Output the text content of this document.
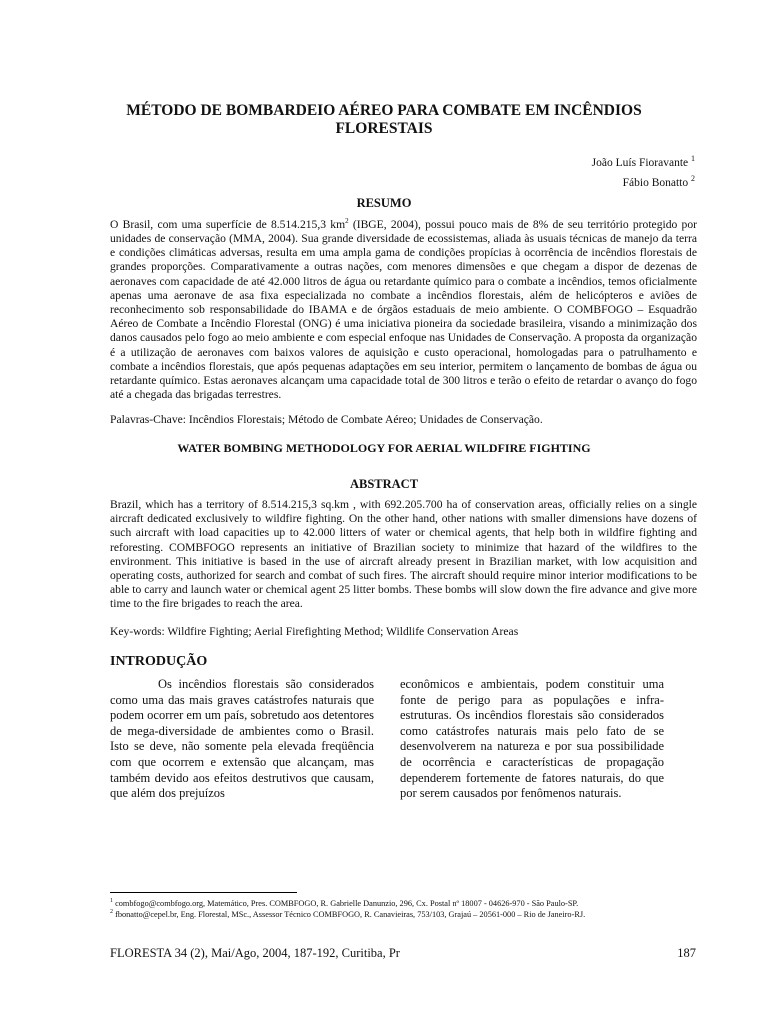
MÉTODO DE BOMBARDEIO AÉREO PARA COMBATE EM INCÊNDIOS
FLORESTAIS
João Luís Fioravante $^1$
Fábio Bonatto $^2$
RESUMO
O Brasil, com uma superfície de 8.514.215,3 $km^2$ (IBGE, 2004), possui pouco mais de 8% de seu território protegido por unidades de conservação (MMA, 2004). Sua grande diversidade de ecossistemas, aliada às usuais técnicas de manejo da terra e condições climáticas adversas, resulta em uma ampla gama de condições propícias à ocorrência de incêndios florestais de grandes proporções. Comparativamente a outras nações, com menores dimensões e que chegam a dispor de dezenas de aeronaves com capacidade de até 42.000 litros de água ou retardante químico para o combate a incêndios, temos oficialmente apenas uma aeronave de asa fixa especializada no combate a incêndios florestais, além de helicópteros e aviões de reconhecimento sob responsabilidade do IBAMA e de órgãos estaduais de meio ambiente. O COMBFOGO – Esquadrão Aéreo de Combate a Incêndio Florestal (ONG) é uma iniciativa pioneira da sociedade brasileira, visando a minimização dos danos causados pelo fogo ao meio ambiente e com especial enfoque nas Unidades de Conservação. A proposta da organização é a utilização de aeronaves com baixos valores de aquisição e custo operacional, homologadas para o patrulhamento e combate a incêndios florestais, que após pequenas adaptações em seu interior, permitem o lançamento de bombas de água ou retardante químico. Estas aeronaves alcançam uma capacidade total de 300 litros e terão o efeito de retardar o avanço do fogo até a chegada das brigadas terrestres.
Palavras-Chave: Incêndios Florestais; Método de Combate Aéreo; Unidades de Conservação.
WATER BOMBING METHODOLOGY FOR AERIAL WILDFIRE FIGHTING
ABSTRACT
Brazil, which has a territory of 8.514.215,3 sq.km , with 692.205.700 ha of conservation areas, officially relies on a single aircraft dedicated exclusively to wildfire fighting. On the other hand, other nations with smaller dimensions have dozens of such aircraft with load capacities up to 42.000 litters of water or chemical agents, that help both in wildfire fighting and reforesting. COMBFOGO represents an initiative of Brazilian society to minimize that hazard of the wildfires to the environment. This initiative is based in the use of aircraft already present in Brazilian market, with low acquisition and operating costs, authorized for search and combat of such fires. The aircraft should require minor interior modifications to be able to carry and launch water or chemical agent 25 litter bombs. These bombs will slow down the fire advance and give more time to the fire brigades to reach the area.
Key-words: Wildfire Fighting; Aerial Firefighting Method; Wildlife Conservation Areas
INTRODUÇÃO
Os incêndios florestais são considerados como uma das mais graves catástrofes naturais que podem ocorrer em um país, sobretudo aos detentores de mega-diversidade de ambientes como o Brasil. Isto se deve, não somente pela elevada freqüência com que ocorrem e extensão que alcançam, mas também devido aos efeitos destrutivos que causam, que além dos prejuízos
econômicos e ambientais, podem constituir uma fonte de perigo para as populações e infra-estruturas. Os incêndios florestais são considerados como catástrofes naturais mais pelo fato de se desenvolverem na natureza e por sua possibilidade de ocorrência e características de propagação dependerem fortemente de fatores naturais, do que por serem causados por fenômenos naturais.
$^1$ combfogo@combfogo.org, Matemático, Pres. COMBFOGO, R. Gabrielle Danunzio, 296, Cx. Postal nº 18007 - 04626-970 - São Paulo-SP.
$^2$ fbonatto@cepel.br, Eng. Florestal, MSc., Assessor Técnico COMBFOGO, R. Canavieiras, 753/103, Grajaú – 20561-000 – Rio de Janeiro-RJ.
FLORESTA 34 (2), Mai/Ago, 2004, 187-192, Curitiba, Pr	187
